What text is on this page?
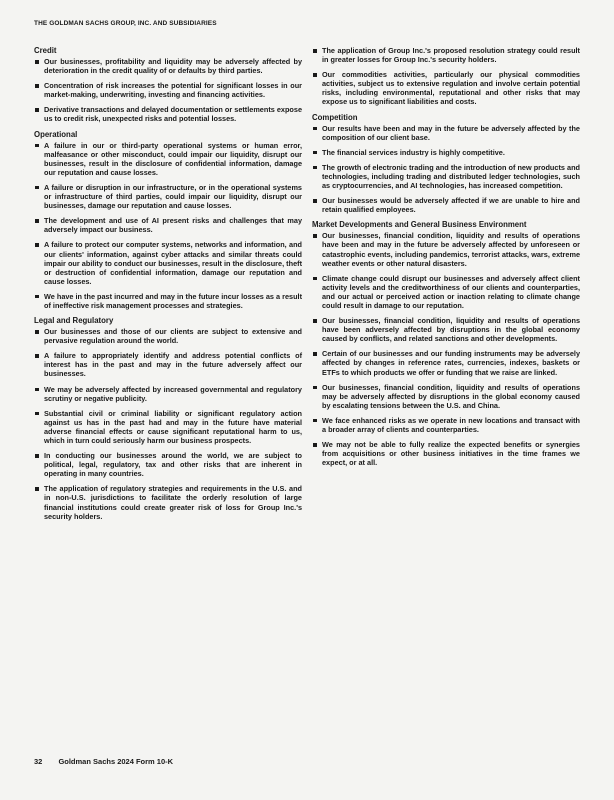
THE GOLDMAN SACHS GROUP, INC. AND SUBSIDIARIES
Credit
Our businesses, profitability and liquidity may be adversely affected by deterioration in the credit quality of or defaults by third parties.
Concentration of risk increases the potential for significant losses in our market-making, underwriting, investing and financing activities.
Derivative transactions and delayed documentation or settlements expose us to credit risk, unexpected risks and potential losses.
Operational
A failure in our or third-party operational systems or human error, malfeasance or other misconduct, could impair our liquidity, disrupt our businesses, result in the disclosure of confidential information, damage our reputation and cause losses.
A failure or disruption in our infrastructure, or in the operational systems or infrastructure of third parties, could impair our liquidity, disrupt our businesses, damage our reputation and cause losses.
The development and use of AI present risks and challenges that may adversely impact our business.
A failure to protect our computer systems, networks and information, and our clients' information, against cyber attacks and similar threats could impair our ability to conduct our businesses, result in the disclosure, theft or destruction of confidential information, damage our reputation and cause losses.
We have in the past incurred and may in the future incur losses as a result of ineffective risk management processes and strategies.
Legal and Regulatory
Our businesses and those of our clients are subject to extensive and pervasive regulation around the world.
A failure to appropriately identify and address potential conflicts of interest has in the past and may in the future adversely affect our businesses.
We may be adversely affected by increased governmental and regulatory scrutiny or negative publicity.
Substantial civil or criminal liability or significant regulatory action against us has in the past had and may in the future have material adverse financial effects or cause significant reputational harm to us, which in turn could seriously harm our business prospects.
In conducting our businesses around the world, we are subject to political, legal, regulatory, tax and other risks that are inherent in operating in many countries.
The application of regulatory strategies and requirements in the U.S. and in non-U.S. jurisdictions to facilitate the orderly resolution of large financial institutions could create greater risk of loss for Group Inc.'s security holders.
The application of Group Inc.'s proposed resolution strategy could result in greater losses for Group Inc.'s security holders.
Our commodities activities, particularly our physical commodities activities, subject us to extensive regulation and involve certain potential risks, including environmental, reputational and other risks that may expose us to significant liabilities and costs.
Competition
Our results have been and may in the future be adversely affected by the composition of our client base.
The financial services industry is highly competitive.
The growth of electronic trading and the introduction of new products and technologies, including trading and distributed ledger technologies, such as cryptocurrencies, and AI technologies, has increased competition.
Our businesses would be adversely affected if we are unable to hire and retain qualified employees.
Market Developments and General Business Environment
Our businesses, financial condition, liquidity and results of operations have been and may in the future be adversely affected by unforeseen or catastrophic events, including pandemics, terrorist attacks, wars, extreme weather events or other natural disasters.
Climate change could disrupt our businesses and adversely affect client activity levels and the creditworthiness of our clients and counterparties, and our actual or perceived action or inaction relating to climate change could result in damage to our reputation.
Our businesses, financial condition, liquidity and results of operations have been adversely affected by disruptions in the global economy caused by conflicts, and related sanctions and other developments.
Certain of our businesses and our funding instruments may be adversely affected by changes in reference rates, currencies, indexes, baskets or ETFs to which products we offer or funding that we raise are linked.
Our businesses, financial condition, liquidity and results of operations may be adversely affected by disruptions in the global economy caused by escalating tensions between the U.S. and China.
We face enhanced risks as we operate in new locations and transact with a broader array of clients and counterparties.
We may not be able to fully realize the expected benefits or synergies from acquisitions or other business initiatives in the time frames we expect, or at all.
32 Goldman Sachs 2024 Form 10-K
